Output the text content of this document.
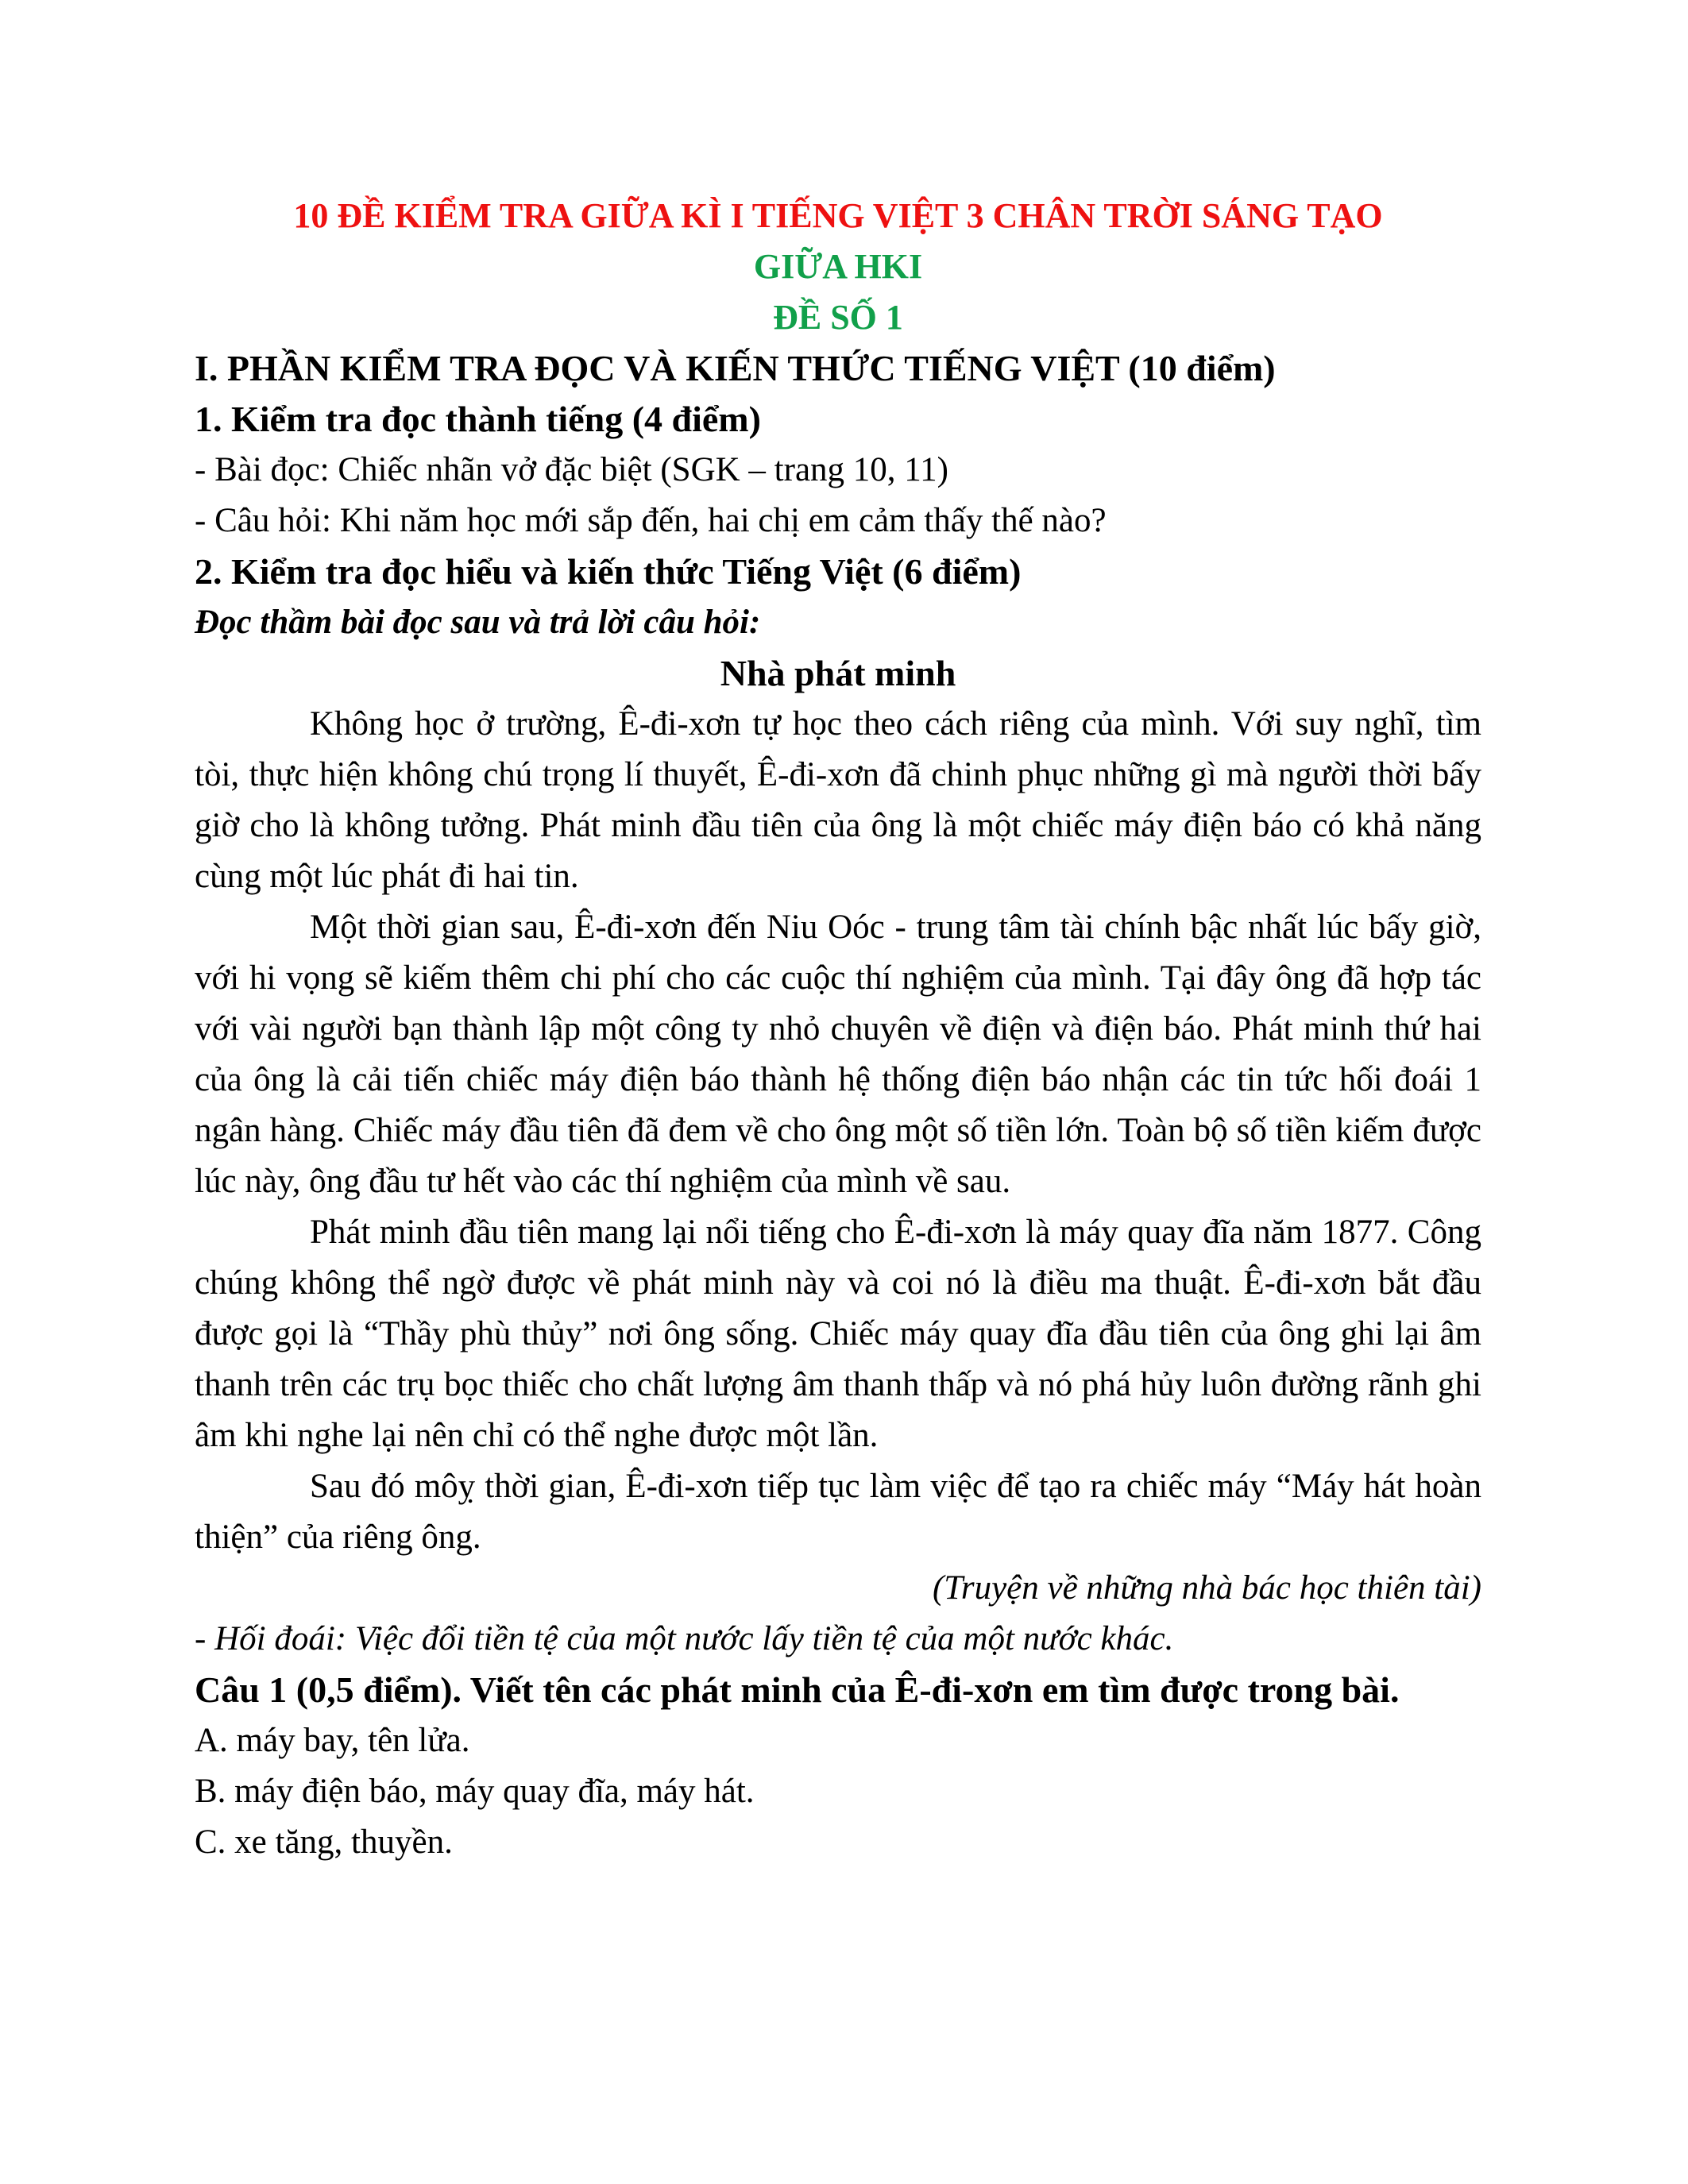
10 ĐỀ KIỂM TRA GIỮA KÌ I TIẾNG VIỆT 3 CHÂN TRỜI SÁNG TẠO
GIỮA HKI
ĐỀ SỐ 1
I. PHẦN KIỂM TRA ĐỌC VÀ KIẾN THỨC TIẾNG VIỆT (10 điểm)
1. Kiểm tra đọc thành tiếng (4 điểm)
- Bài đọc: Chiếc nhãn vở đặc biệt (SGK – trang 10, 11)
- Câu hỏi: Khi năm học mới sắp đến, hai chị em cảm thấy thế nào?
2. Kiểm tra đọc hiểu và kiến thức Tiếng Việt (6 điểm)
Đọc thầm bài đọc sau và trả lời câu hỏi:
Nhà phát minh

Không học ở trường, Ê-đi-xơn tự học theo cách riêng của mình. Với suy nghĩ, tìm tòi, thực hiện không chú trọng lí thuyết, Ê-đi-xơn đã chinh phục những gì mà người thời bấy giờ cho là không tưởng. Phát minh đầu tiên của ông là một chiếc máy điện báo có khả năng cùng một lúc phát đi hai tin.

Một thời gian sau, Ê-đi-xơn đến Niu Oóc - trung tâm tài chính bậc nhất lúc bấy giờ, với hi vọng sẽ kiếm thêm chi phí cho các cuộc thí nghiệm của mình. Tại đây ông đã hợp tác với vài người bạn thành lập một công ty nhỏ chuyên về điện và điện báo. Phát minh thứ hai của ông là cải tiến chiếc máy điện báo thành hệ thống điện báo nhận các tin tức hối đoái 1 ngân hàng. Chiếc máy đầu tiên đã đem về cho ông một số tiền lớn. Toàn bộ số tiền kiếm được lúc này, ông đầu tư hết vào các thí nghiệm của mình về sau.

Phát minh đầu tiên mang lại nổi tiếng cho Ê-đi-xơn là máy quay đĩa năm 1877. Công chúng không thể ngờ được về phát minh này và coi nó là điều ma thuật. Ê-đi-xơn bắt đầu được gọi là “Thầy phù thủy” nơi ông sống. Chiếc máy quay đĩa đầu tiên của ông ghi lại âm thanh trên các trụ bọc thiếc cho chất lượng âm thanh thấp và nó phá hủy luôn đường rãnh ghi âm khi nghe lại nên chỉ có thể nghe được một lần.

Sau đó môỵ thời gian, Ê-đi-xơn tiếp tục làm việc để tạo ra chiếc máy “Máy hát hoàn thiện” của riêng ông.

(Truyện về những nhà bác học thiên tài)
- Hối đoái: Việc đổi tiền tệ của một nước lấy tiền tệ của một nước khác.
Câu 1 (0,5 điểm). Viết tên các phát minh của Ê-đi-xơn em tìm được trong bài.
A. máy bay, tên lửa.
B. máy điện báo, máy quay đĩa, máy hát.
C. xe tăng, thuyền.
